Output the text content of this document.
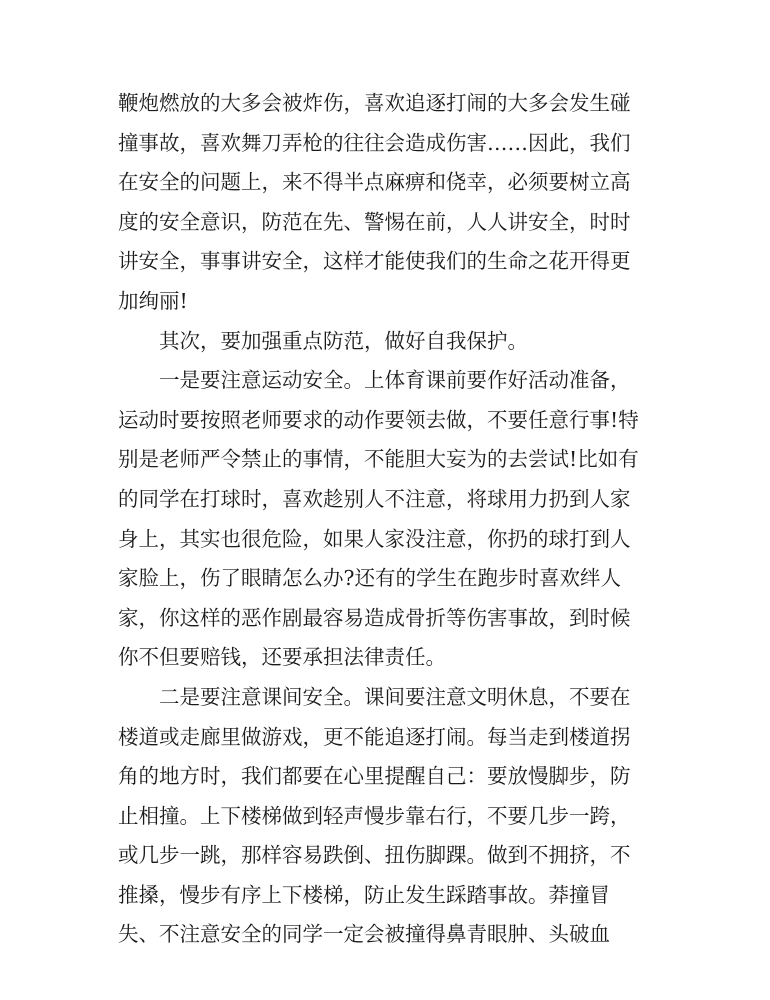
鞭炮燃放的大多会被炸伤，喜欢追逐打闹的大多会发生碰
撞事故，喜欢舞刀弄枪的往往会造成伤害……因此，我们
在安全的问题上，来不得半点麻痹和侥幸，必须要树立高
度的安全意识，防范在先、警惕在前，人人讲安全，时时
讲安全，事事讲安全，这样才能使我们的生命之花开得更
加绚丽!
其次，要加强重点防范，做好自我保护。
一是要注意运动安全。上体育课前要作好活动准备，
运动时要按照老师要求的动作要领去做，不要任意行事!特
别是老师严令禁止的事情，不能胆大妄为的去尝试!比如有
的同学在打球时，喜欢趁别人不注意，将球用力扔到人家
身上，其实也很危险，如果人家没注意，你扔的球打到人
家脸上，伤了眼睛怎么办?还有的学生在跑步时喜欢绊人
家，你这样的恶作剧最容易造成骨折等伤害事故，到时候
你不但要赔钱，还要承担法律责任。
二是要注意课间安全。课间要注意文明休息，不要在
楼道或走廊里做游戏，更不能追逐打闹。每当走到楼道拐
角的地方时，我们都要在心里提醒自己：要放慢脚步，防
止相撞。上下楼梯做到轻声慢步靠右行，不要几步一跨，
或几步一跳，那样容易跌倒、扭伤脚踝。做到不拥挤，不
推搡，慢步有序上下楼梯，防止发生踩踏事故。莽撞冒
失、不注意安全的同学一定会被撞得鼻青眼肿、头破血
